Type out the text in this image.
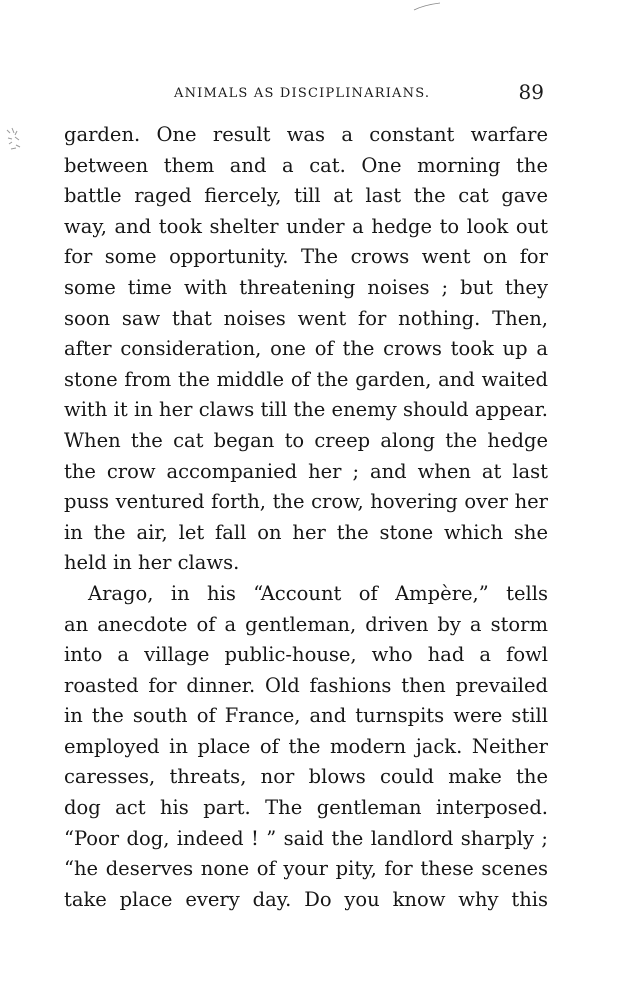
ANIMALS AS DISCIPLINARIANS.	89
garden. One result was a constant warfare
between them and a cat. One morning the
battle raged fiercely, till at last the cat gave
way, and took shelter under a hedge to look out
for some opportunity. The crows went on for
some time with threatening noises ; but they
soon saw that noises went for nothing. Then,
after consideration, one of the crows took up a
stone from the middle of the garden, and waited
with it in her claws till the enemy should appear.
When the cat began to creep along the hedge
the crow accompanied her ; and when at last
puss ventured forth, the crow, hovering over her
in the air, let fall on her the stone which she
held in her claws.
Arago, in his “Account of Ampère,” tells
an anecdote of a gentleman, driven by a storm
into a village public-house, who had a fowl
roasted for dinner. Old fashions then prevailed
in the south of France, and turnspits were still
employed in place of the modern jack. Neither
caresses, threats, nor blows could make the
dog act his part. The gentleman interposed.
“Poor dog, indeed ! ” said the landlord sharply ;
“he deserves none of your pity, for these scenes
take place every day. Do you know why this
